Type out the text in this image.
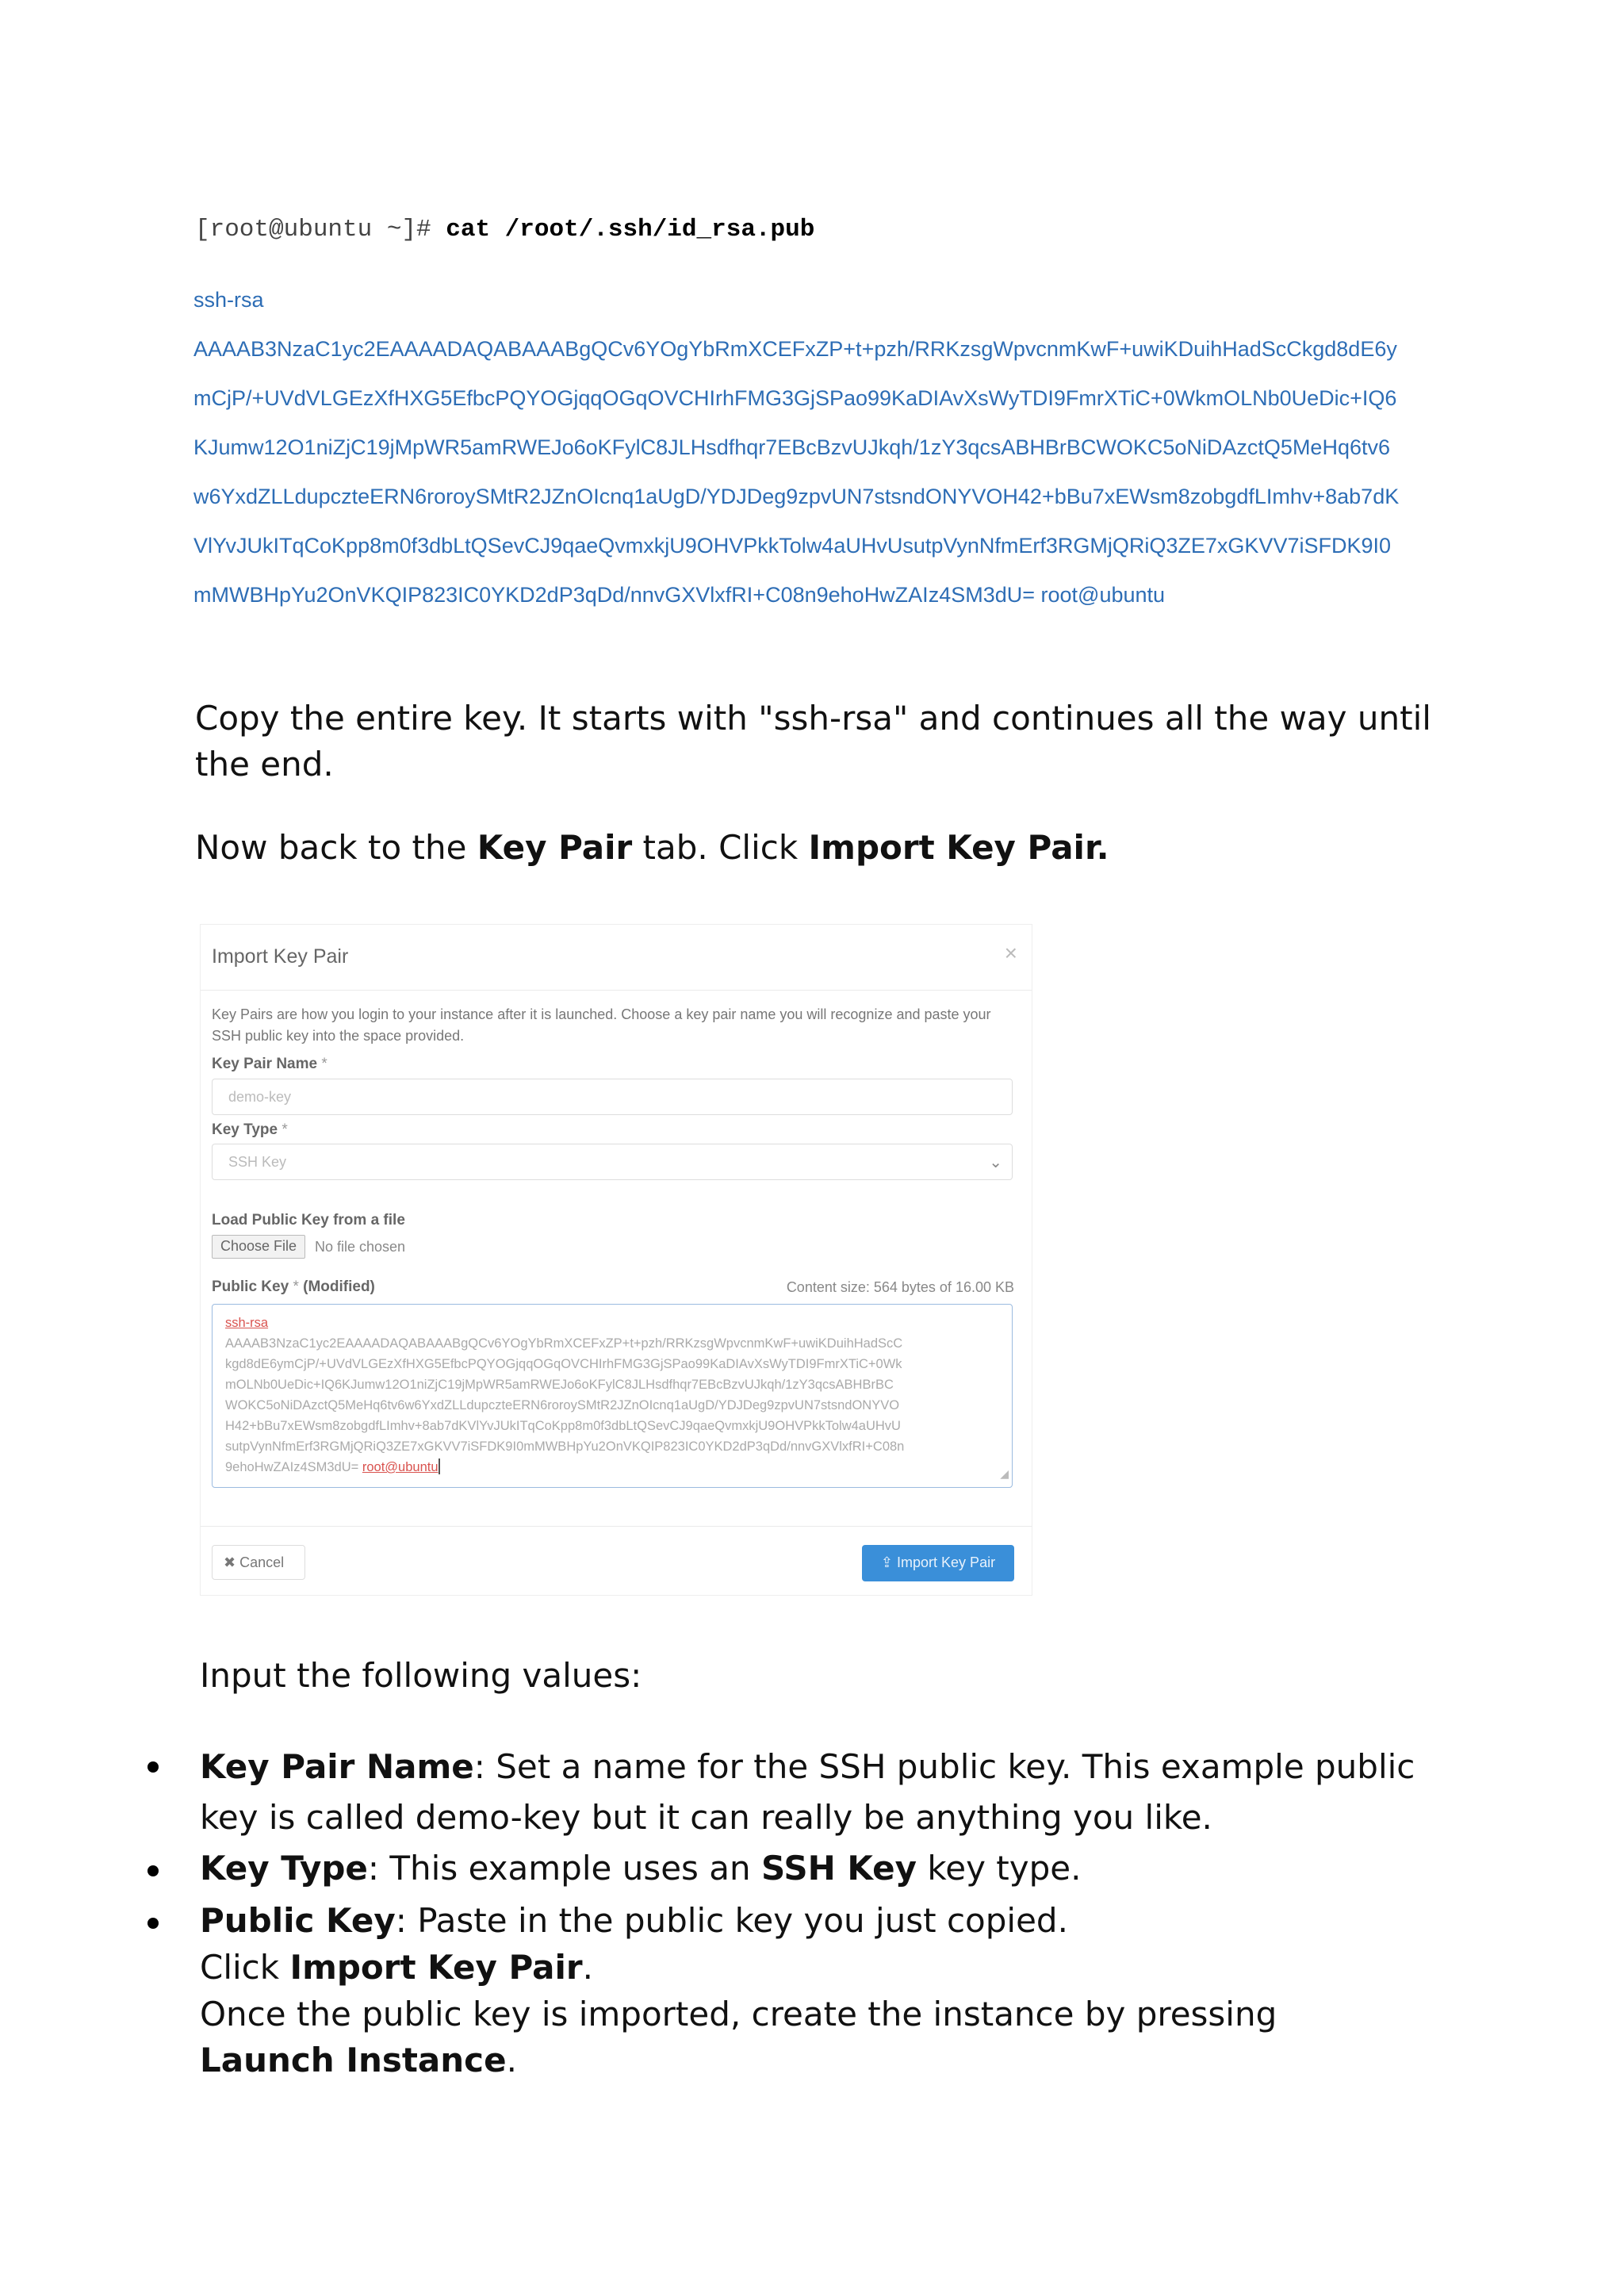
[root@ubuntu ~]# cat /root/.ssh/id_rsa.pub
ssh-rsa
AAAAB3NzaC1yc2EAAAADAQABAAABgQCv6YOgYbRmXCEFxZP+t+pzh/RRKzsgWpvcnmKwF+uwiKDuihHadScCkgd8dE6y
mCjP/+UVdVLGEzXfHXG5EfbcPQYOGjqqOGqOVCHIrhFMG3GjSPao99KaDIAvXsWyTDI9FmrXTiC+0WkmOLNb0UeDic+IQ6
KJumw12O1niZjC19jMpWR5amRWEJo6oKFylC8JLHsdfhqr7EBcBzvUJkqh/1zY3qcsABHBrBCWOKC5oNiDAzctQ5MeHq6tv6
w6YxdZLLdupczteERN6roroySMtR2JZnOIcnq1aUgD/YDJDeg9zpvUN7stsndONYVOH42+bBu7xEWsm8zobgdfLImhv+8ab7dK
VlYvJUkITqCoKpp8m0f3dbLtQSevCJ9qaeQvmxkjU9OHVPkkTolw4aUHvUsutpVynNfmErf3RGMjQRiQ3ZE7xGKVV7iSFDK9I0
mMWBHpYu2OnVKQIP823IC0YKD2dP3qDd/nnvGXVlxfRI+C08n9ehoHwZAIz4SM3dU= root@ubuntu
Copy the entire key. It starts with "ssh-rsa" and continues all the way until the end.
Now back to the Key Pair tab. Click Import Key Pair.
Import Key Pair	×
Key Pairs are how you login to your instance after it is launched. Choose a key pair name you will recognize and paste your SSH public key into the space provided.
Key Pair Name *
demo-key
Key Type *
SSH Key	⌄
Load Public Key from a file
Choose File	No file chosen
Public Key * (Modified)	Content size: 564 bytes of 16.00 KB
ssh-rsa
AAAAB3NzaC1yc2EAAAADAQABAAABgQCv6YOgYbRmXCEFxZP+t+pzh/RRKzsgWpvcnmKwF+uwiKDuihHadScC
kgd8dE6ymCjP/+UVdVLGEzXfHXG5EfbcPQYOGjqqOGqOVCHIrhFMG3GjSPao99KaDIAvXsWyTDI9FmrXTiC+0Wk
mOLNb0UeDic+IQ6KJumw12O1niZjC19jMpWR5amRWEJo6oKFylC8JLHsdfhqr7EBcBzvUJkqh/1zY3qcsABHBrBC
WOKC5oNiDAzctQ5MeHq6tv6w6YxdZLLdupczteERN6roroySMtR2JZnOIcnq1aUgD/YDJDeg9zpvUN7stsndONYVO
H42+bBu7xEWsm8zobgdfLImhv+8ab7dKVlYvJUkITqCoKpp8m0f3dbLtQSevCJ9qaeQvmxkjU9OHVPkkTolw4aUHvU
sutpVynNfmErf3RGMjQRiQ3ZE7xGKVV7iSFDK9I0mMWBHpYu2OnVKQIP823IC0YKD2dP3qDd/nnvGXVlxfRI+C08n
9ehoHwZAIz4SM3dU= root@ubuntu	◢
✖ Cancel	⇪ Import Key Pair
Input the following values:
Key Pair Name: Set a name for the SSH public key. This example public key is called demo-key but it can really be anything you like.
Key Type: This example uses an SSH Key key type.
Public Key: Paste in the public key you just copied.
Click Import Key Pair.
Once the public key is imported, create the instance by pressing Launch Instance.
